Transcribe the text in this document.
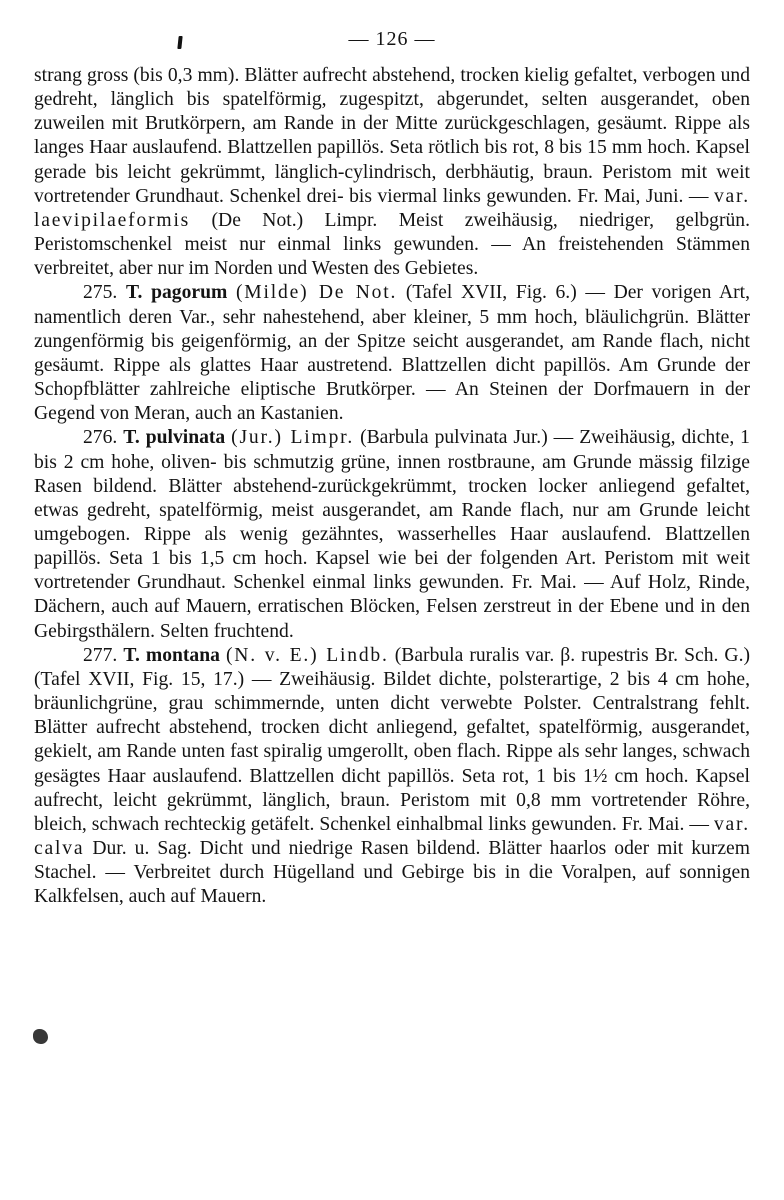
— 126 —

strang gross (bis 0,3 mm). Blätter aufrecht abstehend, trocken kielig gefaltet, verbogen und gedreht, länglich bis spatelförmig, zugespitzt, abgerundet, selten ausgerandet, oben zuweilen mit Brutkörpern, am Rande in der Mitte zurückgeschlagen, gesäumt. Rippe als langes Haar auslaufend. Blattzellen papillös. Seta rötlich bis rot, 8 bis 15 mm hoch. Kapsel gerade bis leicht gekrümmt, länglich-cylindrisch, derbhäutig, braun. Peristom mit weit vortretender Grundhaut. Schenkel drei- bis viermal links gewunden. Fr. Mai, Juni. — var. laevipilaeformis (De Not.) Limpr. Meist zweihäusig, niedriger, gelbgrün. Peristomschenkel meist nur einmal links gewunden. — An freistehenden Stämmen verbreitet, aber nur im Norden und Westen des Gebietes.

275. T. pagorum (Milde) De Not. (Tafel XVII, Fig. 6.) — Der vorigen Art, namentlich deren Var., sehr nahestehend, aber kleiner, 5 mm hoch, bläulichgrün. Blätter zungenförmig bis geigenförmig, an der Spitze seicht ausgerandet, am Rande flach, nicht gesäumt. Rippe als glattes Haar austretend. Blattzellen dicht papillös. Am Grunde der Schopfblätter zahlreiche eliptische Brutkörper. — An Steinen der Dorfmauern in der Gegend von Meran, auch an Kastanien.

276. T. pulvinata (Jur.) Limpr. (Barbula pulvinata Jur.) — Zweihäusig, dichte, 1 bis 2 cm hohe, oliven- bis schmutzig grüne, innen rostbraune, am Grunde mässig filzige Rasen bildend. Blätter abstehend-zurückgekrümmt, trocken locker anliegend gefaltet, etwas gedreht, spatelförmig, meist ausgerandet, am Rande flach, nur am Grunde leicht umgebogen. Rippe als wenig gezähntes, wasserhelles Haar auslaufend. Blattzellen papillös. Seta 1 bis 1,5 cm hoch. Kapsel wie bei der folgenden Art. Peristom mit weit vortretender Grundhaut. Schenkel einmal links gewunden. Fr. Mai. — Auf Holz, Rinde, Dächern, auch auf Mauern, erratischen Blöcken, Felsen zerstreut in der Ebene und in den Gebirgsthälern. Selten fruchtend.

277. T. montana (N. v. E.) Lindb. (Barbula ruralis var. β. rupestris Br. Sch. G.) (Tafel XVII, Fig. 15, 17.) — Zweihäusig. Bildet dichte, polsterartige, 2 bis 4 cm hohe, bräunlichgrüne, grau schimmernde, unten dicht verwebte Polster. Centralstrang fehlt. Blätter aufrecht abstehend, trocken dicht anliegend, gefaltet, spatelförmig, ausgerandet, gekielt, am Rande unten fast spiralig umgerollt, oben flach. Rippe als sehr langes, schwach gesägtes Haar auslaufend. Blattzellen dicht papillös. Seta rot, 1 bis 1½ cm hoch. Kapsel aufrecht, leicht gekrümmt, länglich, braun. Peristom mit 0,8 mm vortretender Röhre, bleich, schwach rechteckig getäfelt. Schenkel einhalbmal links gewunden. Fr. Mai. — var. calva Dur. u. Sag. Dicht und niedrige Rasen bildend. Blätter haarlos oder mit kurzem Stachel. — Verbreitet durch Hügelland und Gebirge bis in die Voralpen, auf sonnigen Kalkfelsen, auch auf Mauern.
